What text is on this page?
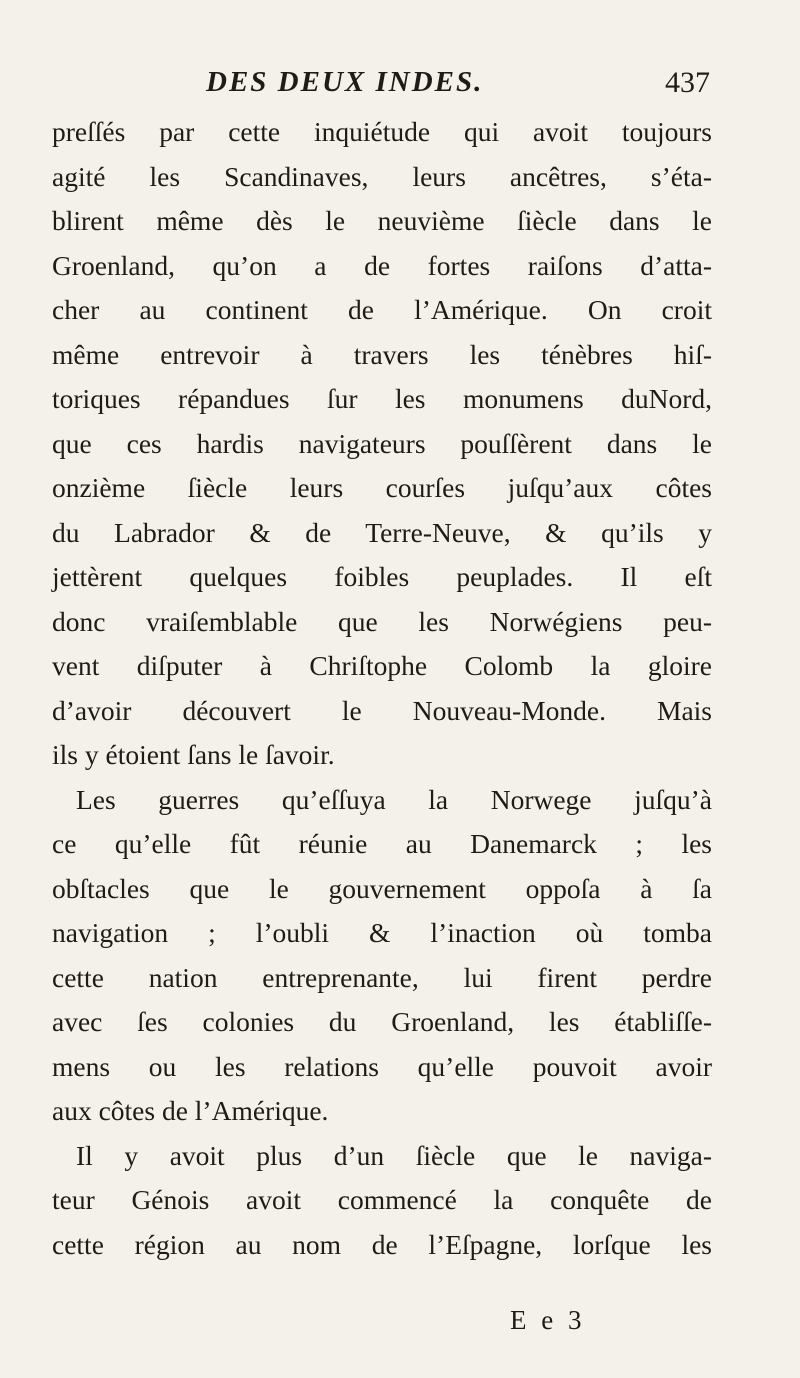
DES DEUX INDES.	437
preſſés par cette inquiétude qui avoit toujours
agité les Scandinaves, leurs ancêtres, s’éta-
blirent même dès le neuvième ſiècle dans le
Groenland, qu’on a de fortes raiſons d’atta-
cher au continent de l’Amérique. On croit
même entrevoir à travers les ténèbres hiſ-
toriques répandues ſur les monumens duNord,
que ces hardis navigateurs pouſſèrent dans le
onzième ſiècle leurs courſes juſqu’aux côtes
du Labrador & de Terre-Neuve, & qu’ils y
jettèrent quelques foibles peuplades. Il eſt
donc vraiſemblable que les Norwégiens peu-
vent diſputer à Chriſtophe Colomb la gloire
d’avoir découvert le Nouveau-Monde. Mais
ils y étoient ſans le ſavoir.
Les guerres qu’eſſuya la Norwege juſqu’à
ce qu’elle fût réunie au Danemarck ; les
obſtacles que le gouvernement oppoſa à ſa
navigation ; l’oubli & l’inaction où tomba
cette nation entreprenante, lui firent perdre
avec ſes colonies du Groenland, les établiſſe-
mens ou les relations qu’elle pouvoit avoir
aux côtes de l’Amérique.
Il y avoit plus d’un ſiècle que le naviga-
teur Génois avoit commencé la conquête de
cette région au nom de l’Eſpagne, lorſque les
E e 3
